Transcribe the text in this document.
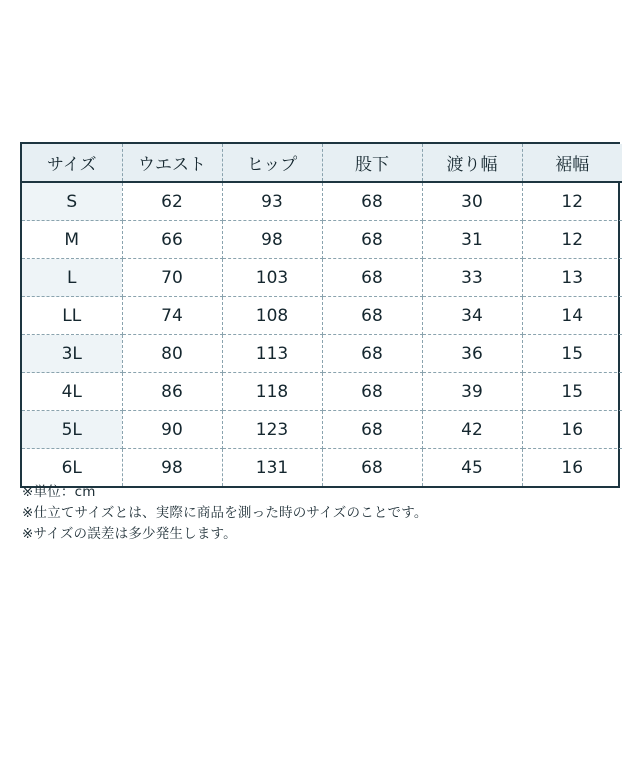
サイズ	ウエスト	ヒップ	股下	渡り幅	裾幅
S	62	93	68	30	12
M	66	98	68	31	12
L	70	103	68	33	13
LL	74	108	68	34	14
3L	80	113	68	36	15
4L	86	118	68	39	15
5L	90	123	68	42	16
6L	98	131	68	45	16
※単位：cm
※仕立てサイズとは、実際に商品を測った時のサイズのことです。
※サイズの誤差は多少発生します。
